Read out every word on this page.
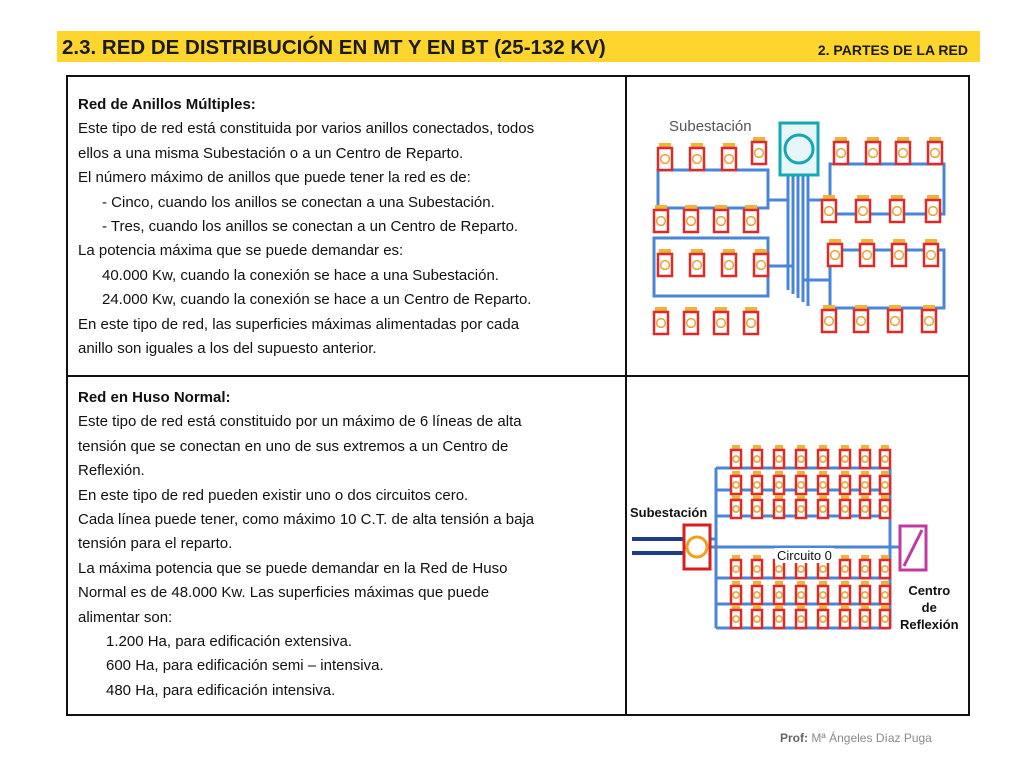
2.3. RED DE DISTRIBUCIÓN EN MT Y EN BT (25-132 KV)	2. PARTES DE LA RED

Red de Anillos Múltiples:

Este tipo de red está constituida por varios anillos conectados, todos

ellos a una misma Subestación o a un Centro de Reparto.

El número máximo de anillos que puede tener la red es de:

- Cinco, cuando los anillos se conectan a una Subestación.

- Tres, cuando los anillos se conectan a un Centro de Reparto.

La potencia máxima que se puede demandar es:

40.000 Kw, cuando la conexión se hace a una Subestación.

24.000 Kw, cuando la conexión se hace a un Centro de Reparto.

En este tipo de red, las superficies máximas alimentadas por cada

anillo son iguales a los del supuesto anterior.

Red en Huso Normal:

Este tipo de red está constituido por un máximo de 6 líneas de alta

tensión que se conectan en uno de sus extremos a un Centro de

Reflexión.

En este tipo de red pueden existir uno o dos circuitos cero.

Cada línea puede tener, como máximo 10 C.T. de alta tensión a baja

tensión para el reparto.

La máxima potencia que se puede demandar en la Red de Huso

Normal es de 48.000 Kw. Las superficies máximas que puede

alimentar son:

1.200 Ha, para edificación extensiva.

600 Ha, para edificación semi – intensiva.

480 Ha, para edificación intensiva.

Subestación
Subestación
Circuito 0
Centro
de
Reflexión
Prof: Mª Ángeles Díaz Puga
